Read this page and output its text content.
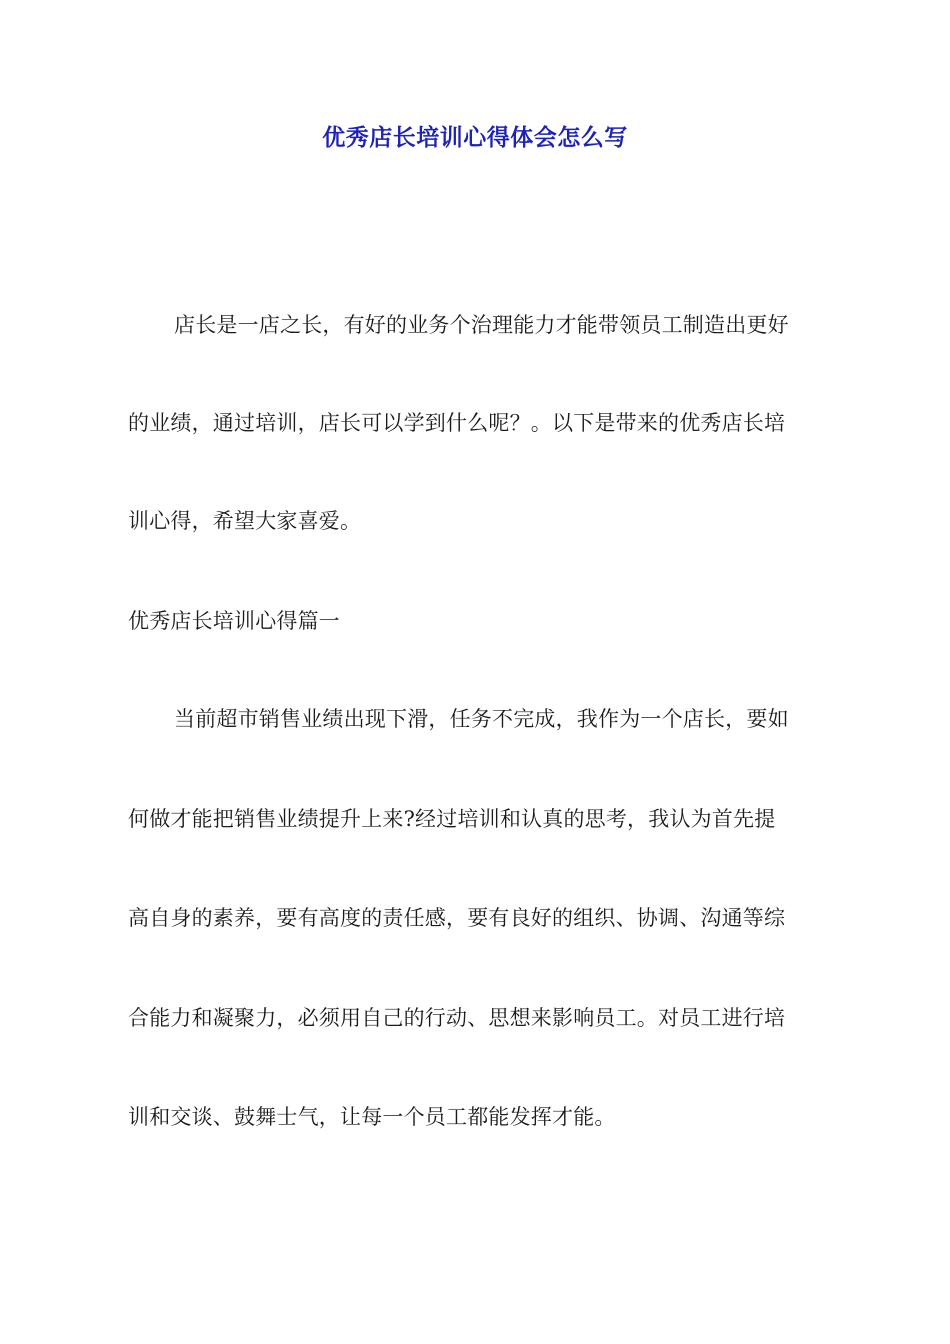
优秀店长培训心得体会怎么写
店长是一店之长，有好的业务个治理能力才能带领员工制造出更好
的业绩，通过培训，店长可以学到什么呢？。以下是带来的优秀店长培
训心得，希望大家喜爱。
优秀店长培训心得篇一
当前超市销售业绩出现下滑，任务不完成，我作为一个店长，要如
何做才能把销售业绩提升上来?经过培训和认真的思考，我认为首先提
高自身的素养，要有高度的责任感，要有良好的组织、协调、沟通等综
合能力和凝聚力，必须用自己的行动、思想来影响员工。对员工进行培
训和交谈、鼓舞士气，让每一个员工都能发挥才能。
